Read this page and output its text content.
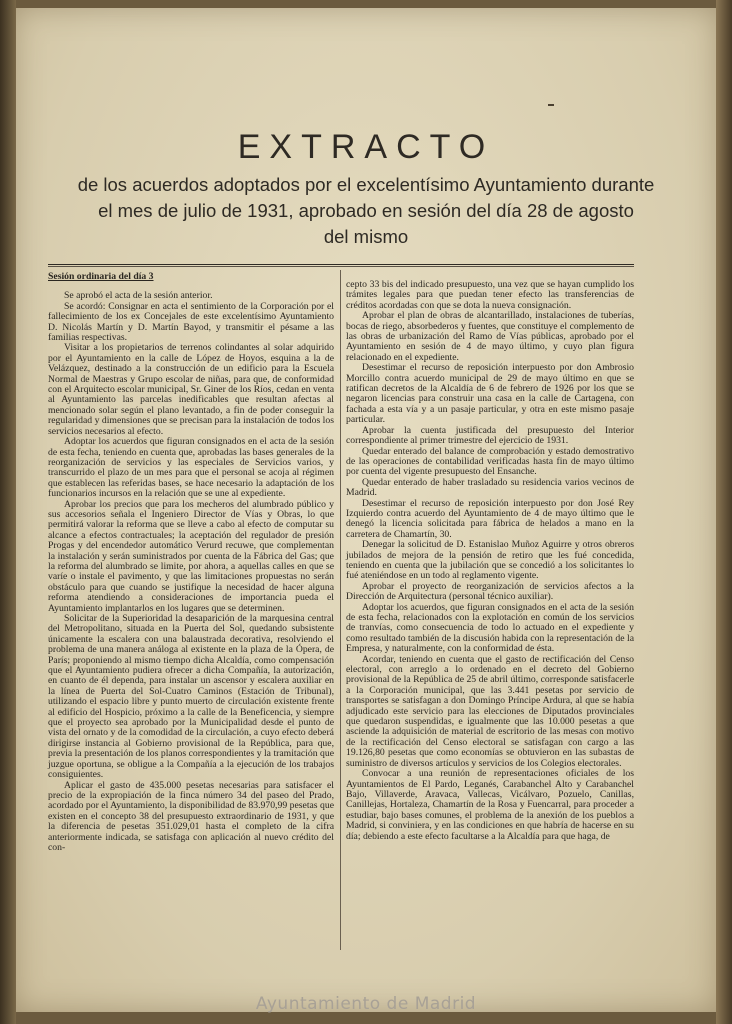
EXTRACTO
de los acuerdos adoptados por el excelentísimo Ayuntamiento durante
el mes de julio de 1931, aprobado en sesión del día 28 de agosto
del mismo

Sesión ordinaria del día 3

Se aprobó el acta de la sesión anterior.

Se acordó: Consignar en acta el sentimiento de la Corporación por el fallecimiento de los ex Concejales de este excelentísimo Ayuntamiento D. Nicolás Martín y D. Martín Bayod, y transmitir el pésame a las familias respectivas.

Visitar a los propietarios de terrenos colindantes al solar adquirido por el Ayuntamiento en la calle de López de Hoyos, esquina a la de Velázquez, destinado a la construcción de un edificio para la Escuela Normal de Maestras y Grupo escolar de niñas, para que, de conformidad con el Arquitecto escolar municipal, Sr. Giner de los Ríos, cedan en venta al Ayuntamiento las parcelas inedificables que resultan afectas al mencionado solar según el plano levantado, a fin de poder conseguir la regularidad y dimensiones que se precisan para la instalación de todos los servicios necesarios al efecto.

Adoptar los acuerdos que figuran consignados en el acta de la sesión de esta fecha, teniendo en cuenta que, aprobadas las bases generales de la reorganización de servicios y las especiales de Servicios varios, y transcurrido el plazo de un mes para que el personal se acoja al régimen que establecen las referidas bases, se hace necesario la adaptación de los funcionarios incursos en la relación que se une al expediente.

Aprobar los precios que para los mecheros del alumbrado público y sus accesorios señala el Ingeniero Director de Vías y Obras, lo que permitirá valorar la reforma que se lleve a cabo al efecto de computar su alcance a efectos contractuales; la aceptación del regulador de presión Progas y del encendedor automático Verurd recuwe, que complementan la instalación y serán suministrados por cuenta de la Fábrica del Gas; que la reforma del alumbrado se limite, por ahora, a aquellas calles en que se varíe o instale el pavimento, y que las limitaciones propuestas no serán obstáculo para que cuando se justifique la necesidad de hacer alguna reforma atendiendo a consideraciones de importancia pueda el Ayuntamiento implantarlos en los lugares que se determinen.

Solicitar de la Superioridad la desaparición de la marquesina central del Metropolitano, situada en la Puerta del Sol, quedando subsistente únicamente la escalera con una balaustrada decorativa, resolviendo el problema de una manera análoga al existente en la plaza de la Ópera, de París; proponiendo al mismo tiempo dicha Alcaldía, como compensación que el Ayuntamiento pudiera ofrecer a dicha Compañía, la autorización, en cuanto de él dependa, para instalar un ascensor y escalera auxiliar en la línea de Puerta del Sol-Cuatro Caminos (Estación de Tribunal), utilizando el espacio libre y punto muerto de circulación existente frente al edificio del Hospicio, próximo a la calle de la Beneficencia, y siempre que el proyecto sea aprobado por la Municipalidad desde el punto de vista del ornato y de la comodidad de la circulación, a cuyo efecto deberá dirigirse instancia al Gobierno provisional de la República, para que, previa la presentación de los planos correspondientes y la tramitación que juzgue oportuna, se obligue a la Compañía a la ejecución de los trabajos consiguientes.

Aplicar el gasto de 435.000 pesetas necesarias para satisfacer el precio de la expropiación de la finca número 34 del paseo del Prado, acordado por el Ayuntamiento, la disponibilidad de 83.970,99 pesetas que existen en el concepto 38 del presupuesto extraordinario de 1931, y que la diferencia de pesetas 351.029,01 hasta el completo de la cifra anteriormente indicada, se satisfaga con aplicación al nuevo crédito del con-

cepto 33 bis del indicado presupuesto, una vez que se hayan cumplido los trámites legales para que puedan tener efecto las transferencias de créditos acordadas con que se dota la nueva consignación.

Aprobar el plan de obras de alcantarillado, instalaciones de tuberías, bocas de riego, absorbederos y fuentes, que constituye el complemento de las obras de urbanización del Ramo de Vías públicas, aprobado por el Ayuntamiento en sesión de 4 de mayo último, y cuyo plan figura relacionado en el expediente.

Desestimar el recurso de reposición interpuesto por don Ambrosio Morcillo contra acuerdo municipal de 29 de mayo último en que se ratifican decretos de la Alcaldía de 6 de febrero de 1926 por los que se negaron licencias para construir una casa en la calle de Cartagena, con fachada a esta vía y a un pasaje particular, y otra en este mismo pasaje particular.

Aprobar la cuenta justificada del presupuesto del Interior correspondiente al primer trimestre del ejercicio de 1931.

Quedar enterado del balance de comprobación y estado demostrativo de las operaciones de contabilidad verificadas hasta fin de mayo último por cuenta del vigente presupuesto del Ensanche.

Quedar enterado de haber trasladado su residencia varios vecinos de Madrid.

Desestimar el recurso de reposición interpuesto por don José Rey Izquierdo contra acuerdo del Ayuntamiento de 4 de mayo último que le denegó la licencia solicitada para fábrica de helados a mano en la carretera de Chamartín, 30.

Denegar la solicitud de D. Estanislao Muñoz Aguirre y otros obreros jubilados de mejora de la pensión de retiro que les fué concedida, teniendo en cuenta que la jubilación que se concedió a los solicitantes lo fué ateniéndose en un todo al reglamento vigente.

Aprobar el proyecto de reorganización de servicios afectos a la Dirección de Arquitectura (personal técnico auxiliar).

Adoptar los acuerdos, que figuran consignados en el acta de la sesión de esta fecha, relacionados con la explotación en común de los servicios de tranvías, como consecuencia de todo lo actuado en el expediente y como resultado también de la discusión habida con la representación de la Empresa, y naturalmente, con la conformidad de ésta.

Acordar, teniendo en cuenta que el gasto de rectificación del Censo electoral, con arreglo a lo ordenado en el decreto del Gobierno provisional de la República de 25 de abril último, corresponde satisfacerle a la Corporación municipal, que las 3.441 pesetas por servicio de transportes se satisfagan a don Domingo Príncipe Ardura, al que se había adjudicado este servicio para las elecciones de Diputados provinciales que quedaron suspendidas, e igualmente que las 10.000 pesetas a que asciende la adquisición de material de escritorio de las mesas con motivo de la rectificación del Censo electoral se satisfagan con cargo a las 19.126,80 pesetas que como economías se obtuvieron en las subastas de suministro de diversos artículos y servicios de los Colegios electorales.

Convocar a una reunión de representaciones oficiales de los Ayuntamientos de El Pardo, Leganés, Carabanchel Alto y Carabanchel Bajo, Villaverde, Aravaca, Vallecas, Vicálvaro, Pozuelo, Canillas, Canillejas, Hortaleza, Chamartín de la Rosa y Fuencarral, para proceder a estudiar, bajo bases comunes, el problema de la anexión de los pueblos a Madrid, si conviniera, y en las condiciones en que habría de hacerse en su día; debiendo a este efecto facultarse a la Alcaldía para que haga, de

Ayuntamiento de Madrid
